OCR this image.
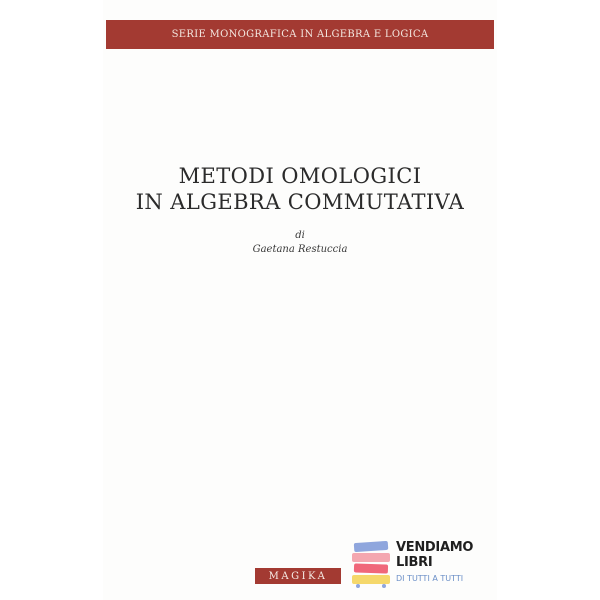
SERIE MONOGRAFICA IN ALGEBRA E LOGICA
METODI OMOLOGICI
IN ALGEBRA COMMUTATIVA
di
Gaetana Restuccia
MAGIKA
VENDIAMO
LIBRI
DI TUTTI A TUTTI
